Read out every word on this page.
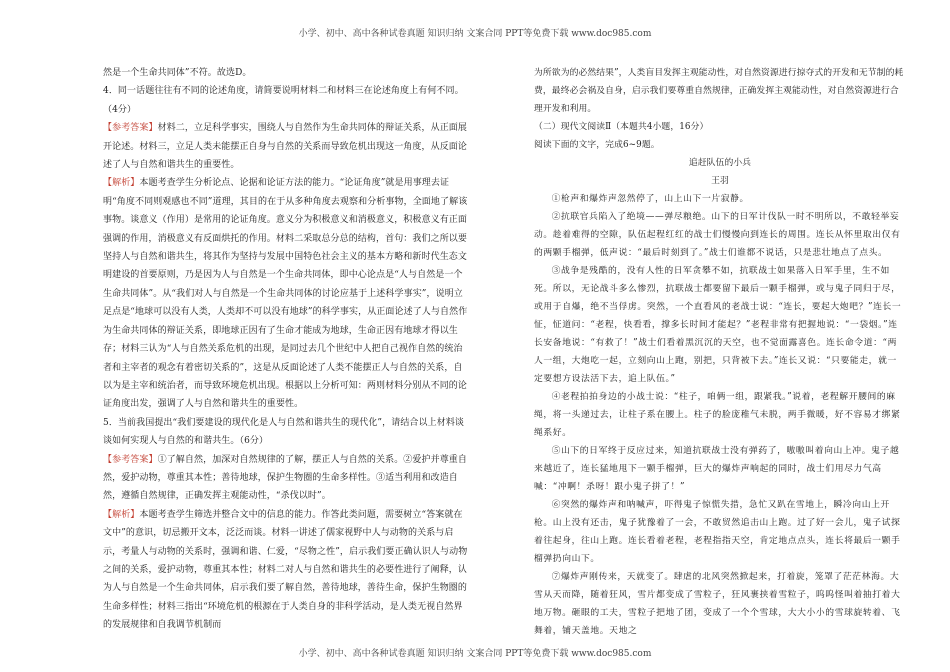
小学、初中、高中各种试卷真题 知识归纳 文案合同 PPT等免费下载 www.doc985.com

然是一个生命共同体”不符。故选D。

4．同一话题往往有不同的论述角度，请简要说明材料二和材料三在论述角度上有何不同。（4分）

【参考答案】材料二，立足科学事实，围绕人与自然作为生命共同体的辩证关系，从正面展开论述。材料三，立足人类未能摆正自身与自然的关系而导致危机出现这一角度，从反面论述了人与自然和谐共生的重要性。

【解析】本题考查学生分析论点、论据和论证方法的能力。“论证角度”就是用事理去证明“角度不同则观感也不同”道理，其目的在于从多种角度去观察和分析事物，全面地了解该事物。谈意义（作用）是常用的论证角度。意义分为积极意义和消极意义，积极意义有正面强调的作用，消极意义有反面烘托的作用。材料二采取总分总的结构，首句：我们之所以要坚持人与自然和谐共生，将其作为坚持与发展中国特色社会主义的基本方略和新时代生态文明建设的首要原则，乃是因为人与自然是一个生命共同体，即中心论点是“人与自然是一个生命共同体”。从“我们对人与自然是一个生命共同体的讨论应基于上述科学事实”，说明立足点是“地球可以没有人类，人类却不可以没有地球”的科学事实，从正面论述了人与自然作为生命共同体的辩证关系，即地球正因有了生命才能成为地球，生命正因有地球才得以生存；材料三认为“人与自然关系危机的出现，是同过去几个世纪中人把自己视作自然的统治者和主宰者的观念有着密切关系的”，这是从反面论述了人类不能摆正人与自然的关系，自以为是主宰和统治者，而导致环境危机出现。根据以上分析可知：两则材料分别从不同的论证角度出发，强调了人与自然和谐共生的重要性。

5．当前我国提出“我们要建设的现代化是人与自然和谐共生的现代化”，请结合以上材料谈谈如何实现人与自然的和谐共生。（6分）

【参考答案】①了解自然，加深对自然规律的了解，摆正人与自然的关系。②爱护并尊重自然，爱护动物，尊重其本性；善待地球，保护生物圈的生命多样性。③适当利用和改造自然，遵循自然规律，正确发挥主观能动性，“杀伐以时”。

【解析】本题考查学生筛选并整合文中的信息的能力。作答此类问题，需要树立“答案就在文中”的意识，切忌搬开文本，泛泛而谈。材料一讲述了儒家视野中人与动物的关系与启示，考量人与动物的关系时，强调和谐、仁爱，“尽物之性”，启示我们要正确认识人与动物之间的关系，爱护动物，尊重其本性；材料二对人与自然和谐共生的必要性进行了阐释，认为人与自然是一个生命共同体，启示我们要了解自然，善待地球，善待生命，保护生物圈的生命多样性；材料三指出“环境危机的根源在于人类自身的非科学活动，是人类无视自然界的发展规律和自我调节机制而

为所欲为的必然结果”，人类盲目发挥主观能动性，对自然资源进行掠夺式的开发和无节制的耗费，最终必会祸及自身，启示我们要尊重自然规律，正确发挥主观能动性，对自然资源进行合理开发和利用。

（二）现代文阅读Ⅱ（本题共4小题，16分）

阅读下面的文字，完成6~9题。

追赶队伍的小兵

王羽

①枪声和爆炸声忽然停了，山上山下一片寂静。

②抗联官兵陷入了绝境——弹尽粮绝。山下的日军计伐队一时不明所以，不敢轻举妄动。趁着难得的空隙，队伍起程红红的战士们慢慢向到连长的周围。连长从怀里取出仅有的两颗手榴弹，低声说：“最后时刻到了。”战士们谁都不说话，只是悲壮地点了点头。

③战争是残酷的，没有人性的日军贪攀不如，抗联战士如果落入日军手里，生不如死。所以，无论战斗多么惨烈，抗联战士都要留下最后一颗手榴弹，或与鬼子同归于尽，或用于自爆，绝不当俘虏。突然，一个直看风的老战士说：“连长，要起大炮吧？”连长一怔，怔道问：“老程，快看看，撑多长时间才能起？”老程非常有把握地说：“一袋烟。”连长安备地说：“有救了！”战士们看着黑沉沉的天空，也不觉面露喜色。连长命令道：“两人一组，大炮吃一起，立刻向山上跑，别把，只背被下去。”连长又说：“只要能走，就一定要想方设法活下去，追上队伍。”

④老程拍拍身边的小战士说：“柱子，咱俩一组，跟紧我。”说着，老程解开腰间的麻绳，将一头递过去，让柱子系在腰上。柱子的脸庞稚气未脱，两手微暖，好不容易才绑紧绳系好。

⑤山下的日军终于反应过来，知道抗联战士没有弹药了，嗷嗷叫着向山上冲。鬼子越来越近了，连长猛地甩下一颗手榴弹，巨大的爆炸声响起的同时，战士们用尽力气高喊：“冲啊！杀呀！跟小鬼子拼了！”

⑥突然的爆炸声和呐喊声，吓得鬼子惊慌失措，急忙又趴在雪地上，瞬冷向山上开枪。山上没有还击，鬼子犹豫着了一会，不敢贸然追击山上跑。过了好一会儿，鬼子试探着往起身，往山上跑。连长看着老程，老程指指天空，肯定地点点头，连长将最后一颗手榴弹扔向山下。

⑦爆炸声刚传来，天就变了。肆虐的北风突然掀起来，打着旋，笼罩了茫茫林海。大雪从天而降，随着狂风，雪片都变成了雪粒子，狂风裹挟着雪粒子，呜呜怪叫着抽打着大地万物。砸眼的工夫，雪粒子把地了团，变成了一个个雪球，大大小小的雪球旋转着、飞舞着，铺天盖地。天地之

小学、初中、高中各种试卷真题 知识归纳 文案合同 PPT等免费下载 www.doc985.com
